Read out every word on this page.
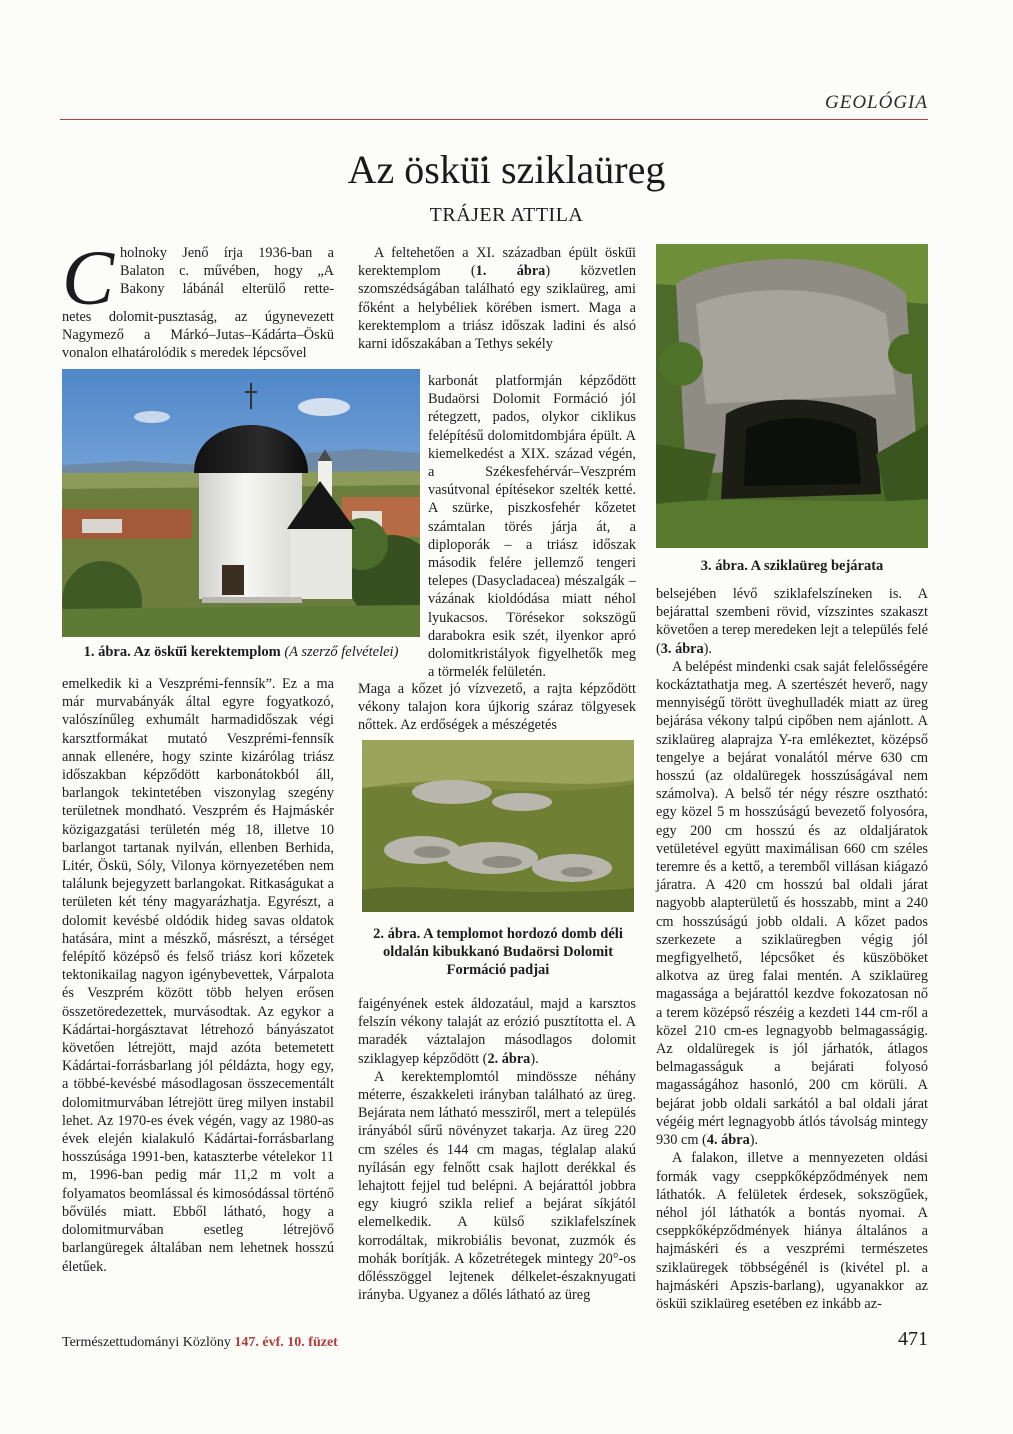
GEOLÓGIA
Az öskü̈i sziklaüreg
TRÁJER ATTILA
C holnoky Jenő írja 1936-ban a
Balaton c. művében, hogy „A
Bakony lábánál elterülő rette-
netes dolomit-pusztaság, az úgynevezett Nagymező a Márkó–Jutas–Kádárta–Öskü vonalon elhatárolódik s meredek lépcsővel
1. ábra. Az öskü̈i kerektemplom (A szerző felvételei)

emelkedik ki a Veszprémi-fennsík”. Ez a ma már murvabányák által egyre fogyatkozó, valószínűleg exhumált harmadidőszak végi karsztformákat mutató Veszprémi-fennsík annak ellenére, hogy szinte kizárólag triász időszakban képződött karbonátokból áll, barlangok tekintetében viszonylag szegény területnek mondható. Veszprém és Hajmáskér közigazgatási területén még 18, illetve 10 barlangot tartanak nyilván, ellenben Berhida, Litér, Öskü, Sóly, Vilonya környezetében nem találunk bejegyzett barlangokat. Ritkaságukat a területen két tény magyarázhatja. Egyrészt, a dolomit kevésbé oldódik hideg savas oldatok hatására, mint a mészkő, másrészt, a térséget felépítő középső és felső triász kori kőzetek tektonikailag nagyon igénybevettek, Várpalota és Veszprém között több helyen erősen összetöredezettek, murvásodtak. Az egykor a Kádártai-horgásztavat létrehozó bányászatot követően létrejött, majd azóta betemetett Kádártai-forrásbarlang jól példázta, hogy egy, a többé-kevésbé másodlagosan összecementált dolomitmurvában létrejött üreg milyen instabil lehet. Az 1970-es évek végén, vagy az 1980-as évek elején kialakuló Kádártai-forrásbarlang hosszúsága 1991-ben, kataszterbe vételekor 11 m, 1996-ban pedig már 11,2 m volt a folyamatos beomlással és kimosódással történő bővülés miatt. Ebből látható, hogy a dolomitmurvában esetleg létrejövő barlangüregek általában nem lehetnek hosszú életűek.

A feltehetően a XI. században épült öskü̈i kerektemplom (1. ábra) közvetlen szomszédságában található egy sziklaüreg, ami főként a helybéliek körében ismert. Maga a kerektemplom a triász időszak ladini és alsó karni időszakában a Tethys sekély

karbonát platformján képződött Budaörsi Dolomit Formáció jól rétegzett, pados, olykor ciklikus felépítésű dolomitdombjára épült. A kiemelkedést a XIX. század végén, a Székesfehérvár–Veszprém vasútvonal építésekor szelték ketté. A szürke, piszkosfehér kőzetet számtalan törés járja át, a diploporák – a triász időszak második felére jellemző tengeri telepes (Dasycladacea) mészalgák – vázának kioldódása miatt néhol lyukacsos. Törésekor sokszögű darabokra esik szét, ilyenkor apró dolomitkristályok figyelhetők meg a törmelék felületén.

Maga a kőzet jó vízvezető, a rajta képződött vékony talajon kora újkorig száraz tölgyesek nőttek. Az erdőségek a mészégetés

2. ábra. A templomot hordozó domb déli oldalán kibukkanó Budaörsi Dolomit Formáció padjai

faigényének estek áldozatául, majd a karsztos felszín vékony talaját az erózió pusztította el. A maradék váztalajon másodlagos dolomit sziklagyep képződött (2. ábra).

A kerektemplomtól mindössze néhány méterre, északkeleti irányban található az üreg. Bejárata nem látható messziről, mert a település irányából sűrű növényzet takarja. Az üreg 220 cm széles és 144 cm magas, téglalap alakú nyílásán egy felnőtt csak hajlott derékkal és lehajtott fejjel tud belépni. A bejárattól jobbra egy kiugró szikla relief a bejárat síkjától elemelkedik. A külső sziklafelszínek korrodáltak, mikrobiális bevonat, zuzmók és mohák borítják. A kőzetrétegek mintegy 20°-os dőlésszöggel lejtenek délkelet-északnyugati irányba. Ugyanez a dőlés látható az üreg

3. ábra. A sziklaüreg bejárata

belsejében lévő sziklafelszíneken is. A bejárattal szembeni rövid, vízszintes szakaszt követően a terep meredeken lejt a település felé (3. ábra).

A belépést mindenki csak saját felelősségére kockáztathatja meg. A szertészét heverő, nagy mennyiségű törött üveghulladék miatt az üreg bejárása vékony talpú cipőben nem ajánlott. A sziklaüreg alaprajza Y-ra emlékeztet, középső tengelye a bejárat vonalától mérve 630 cm hosszú (az oldalüregek hosszúságával nem számolva). A belső tér négy részre osztható: egy közel 5 m hosszúságú bevezető folyosóra, egy 200 cm hosszú és az oldaljáratok vetületével együtt maximálisan 660 cm széles teremre és a kettő, a teremből villásan kiágazó járatra. A 420 cm hosszú bal oldali járat nagyobb alapterületű és hosszabb, mint a 240 cm hosszúságú jobb oldali. A kőzet pados szerkezete a sziklaüregben végig jól megfigyelhető, lépcsőket és küszöböket alkotva az üreg falai mentén. A sziklaüreg magassága a bejárattól kezdve fokozatosan nő a terem középső részéig a kezdeti 144 cm-ről a közel 210 cm-es legnagyobb belmagasságig. Az oldalüregek is jól járhatók, átlagos belmagasságuk a bejárati folyosó magasságához hasonló, 200 cm körüli. A bejárat jobb oldali sarkától a bal oldali járat végéig mért legnagyobb átlós távolság mintegy 930 cm (4. ábra).

A falakon, illetve a mennyezeten oldási formák vagy cseppkőképződmények nem láthatók. A felületek érdesek, sokszögűek, néhol jól láthatók a bontás nyomai. A cseppkőképződmények hiánya általános a hajmáskéri és a veszprémi természetes sziklaüregek többségénél is (kivétel pl. a hajmáskéri Apszis-barlang), ugyanakkor az öskü̈i sziklaüreg esetében ez inkább az-

Természettudományi Közlöny 147. évf. 10. füzet	471
